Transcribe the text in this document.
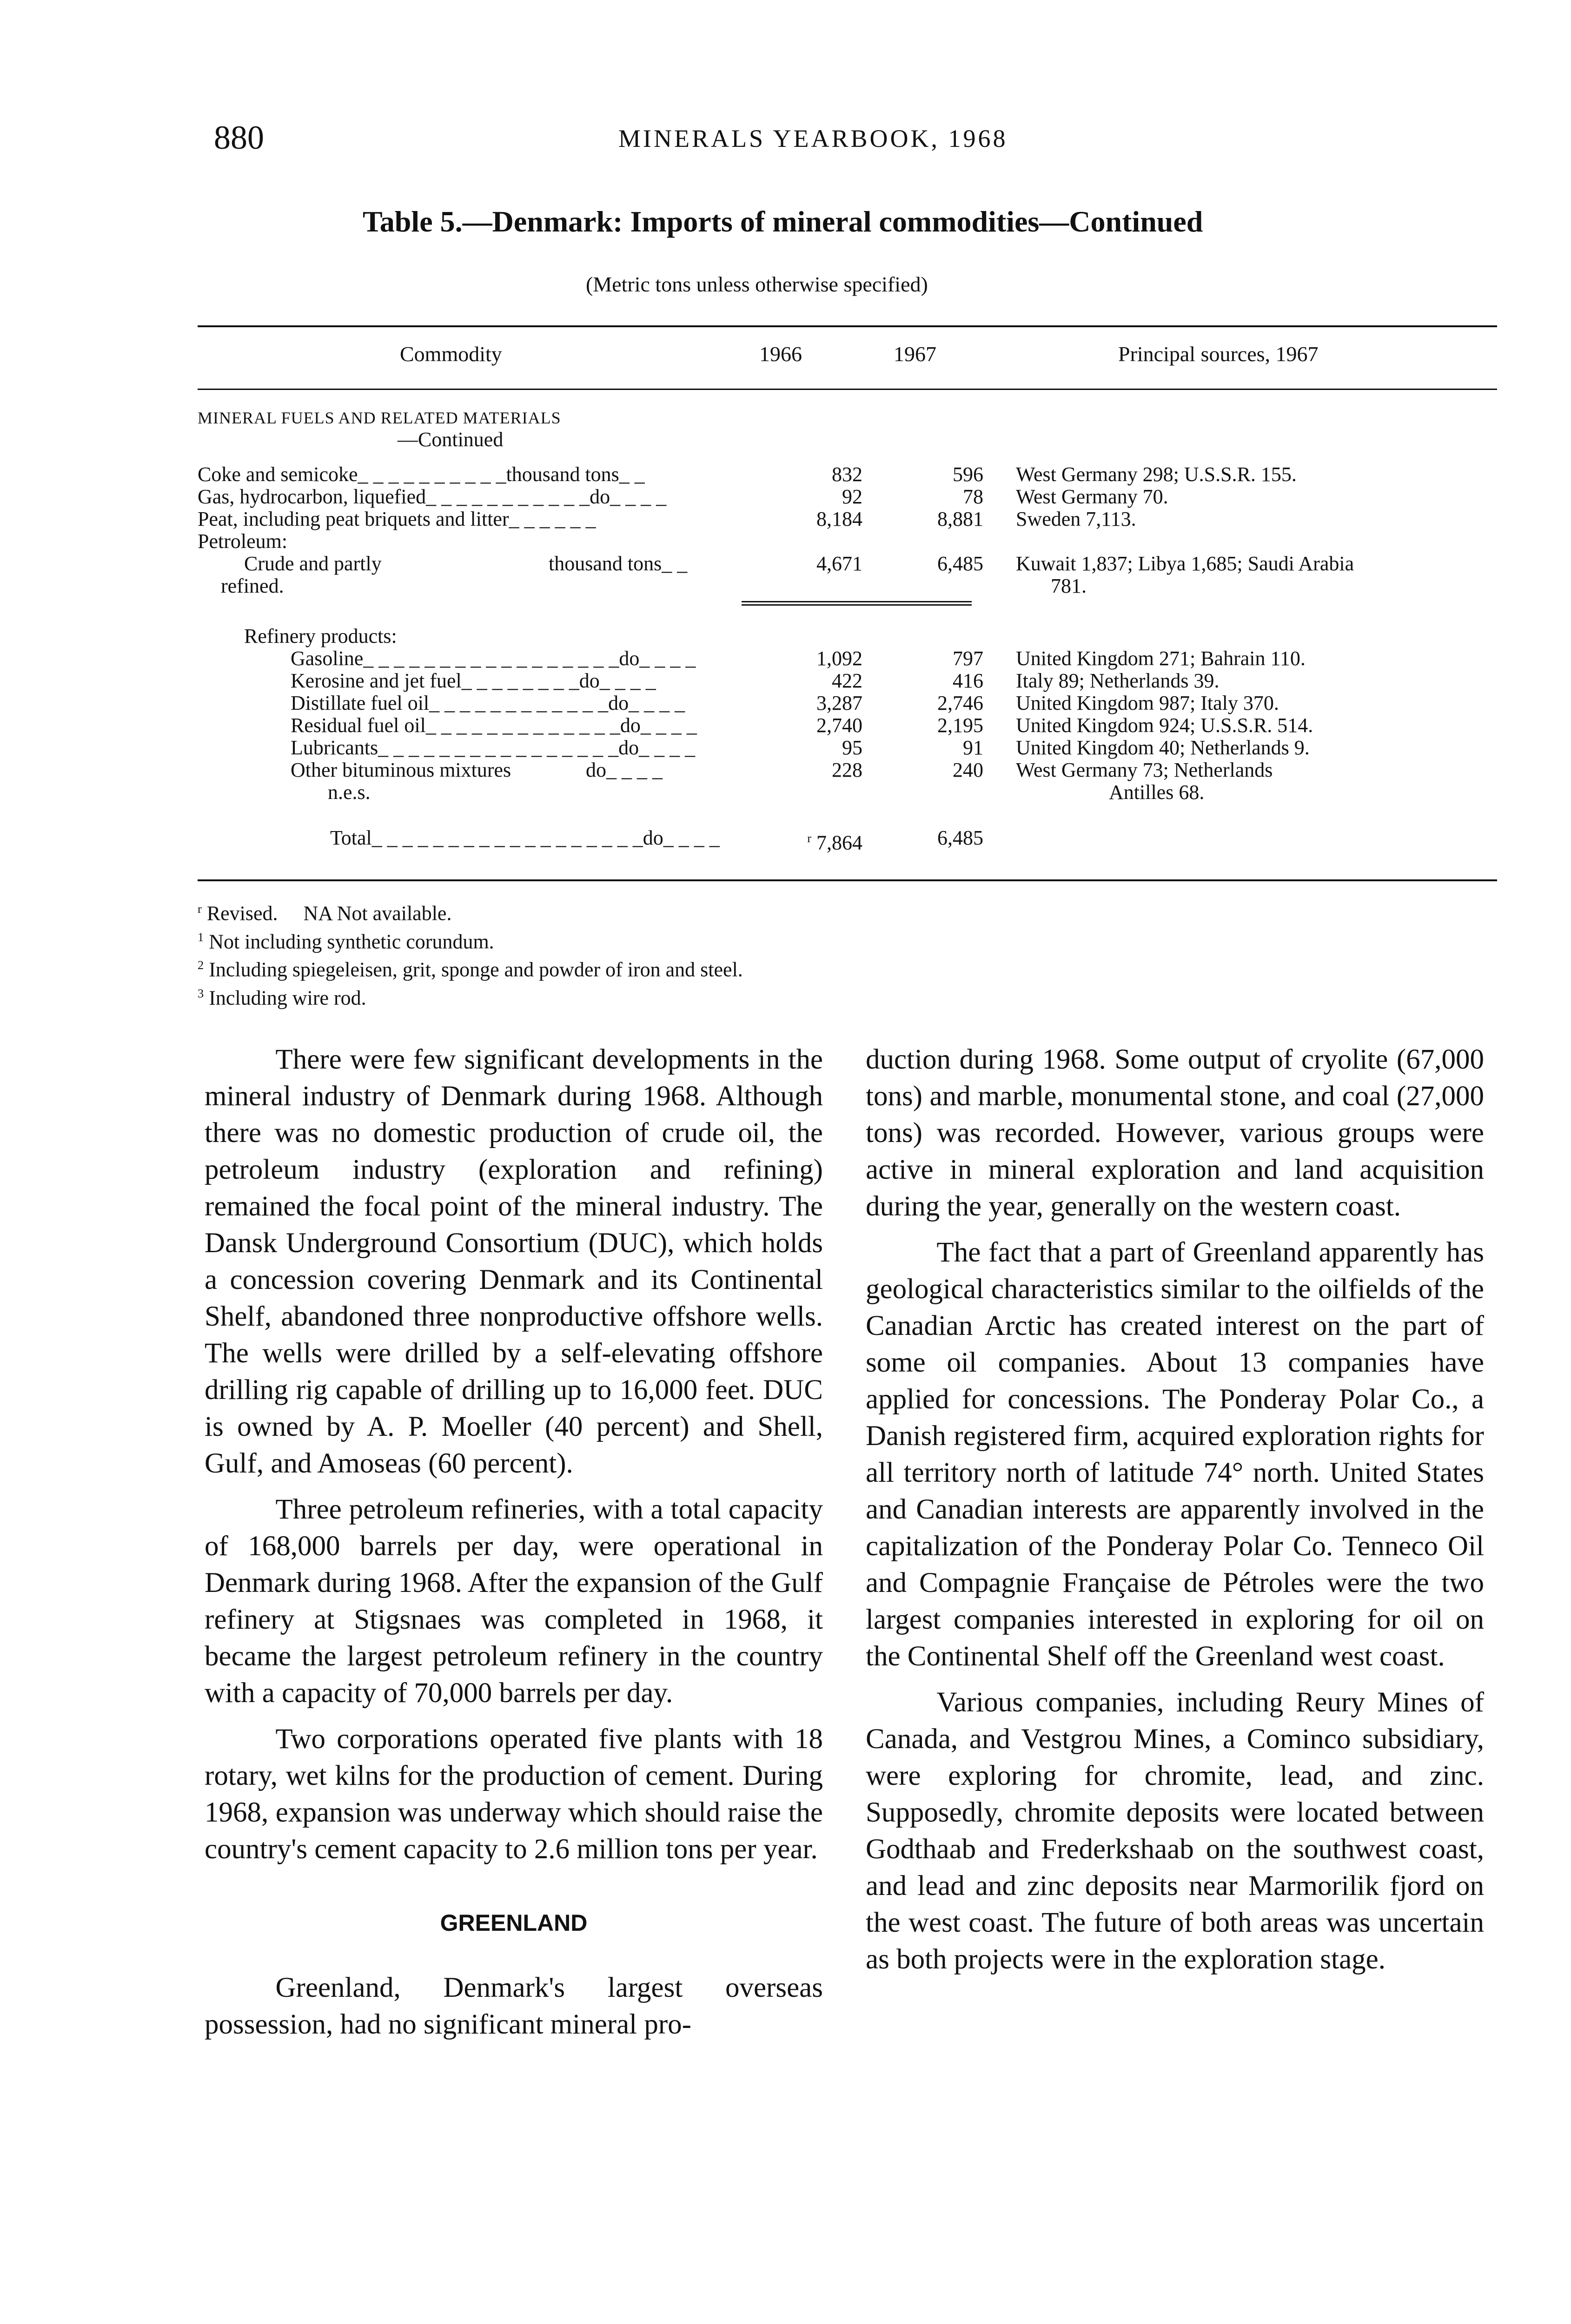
880	MINERALS YEARBOOK, 1968
Table 5.—Denmark: Imports of mineral commodities—Continued
(Metric tons unless otherwise specified)
Commodity	1966	1967	Principal sources, 1967
MINERAL FUELS AND RELATED MATERIALS
—Continued
Coke and semicoke_ _ _ _ _ _ _ _ _ _thousand tons_ _	832	596 West Germany 298; U.S.S.R. 155.
Gas, hydrocarbon, liquefied_ _ _ _ _ _ _ _ _ _ _do_ _ _ _	92	78 West Germany 70.
Peat, including peat briquets and litter_ _ _ _ _ _	8,184	8,881 Sweden 7,113.
Petroleum:
Crude and partly	thousand tons_ _	4,671	6,485 Kuwait 1,837; Libya 1,685; Saudi Arabia
refined.	781.
Refinery products:
Gasoline_ _ _ _ _ _ _ _ _ _ _ _ _ _ _ _ _do_ _ _ _	1,092	797 United Kingdom 271; Bahrain 110.
Kerosine and jet fuel_ _ _ _ _ _ _ _do_ _ _ _	422	416 Italy 89; Netherlands 39.
Distillate fuel oil_ _ _ _ _ _ _ _ _ _ _ _do_ _ _ _	3,287	2,746 United Kingdom 987; Italy 370.
Residual fuel oil_ _ _ _ _ _ _ _ _ _ _ _ _do_ _ _ _	2,740	2,195 United Kingdom 924; U.S.S.R. 514.
Lubricants_ _ _ _ _ _ _ _ _ _ _ _ _ _ _ _do_ _ _ _	95	91 United Kingdom 40; Netherlands 9.
Other bituminous mixtures	do_ _ _ _	228	240 West Germany 73; Netherlands
n.e.s.	Antilles 68.
Total_ _ _ _ _ _ _ _ _ _ _ _ _ _ _ _ _ _do_ _ _ _	$^r$ 7,864	6,485
$^r$ Revised.     NA Not available.
$^1$ Not including synthetic corundum.
$^2$ Including spiegeleisen, grit, sponge and powder of iron and steel.
$^3$ Including wire rod.

There were few significant developments in the mineral industry of Denmark during 1968. Although there was no domestic production of crude oil, the petroleum industry (exploration and refining) remained the focal point of the mineral industry. The Dansk Underground Consortium (DUC), which holds a concession covering Denmark and its Continental Shelf, abandoned three nonproductive offshore wells. The wells were drilled by a self-elevating offshore drilling rig capable of drilling up to 16,000 feet. DUC is owned by A. P. Moeller (40 percent) and Shell, Gulf, and Amoseas (60 percent).

Three petroleum refineries, with a total capacity of 168,000 barrels per day, were operational in Denmark during 1968. After the expansion of the Gulf refinery at Stigsnaes was completed in 1968, it became the largest petroleum refinery in the country with a capacity of 70,000 barrels per day.

Two corporations operated five plants with 18 rotary, wet kilns for the production of cement. During 1968, expansion was underway which should raise the country's cement capacity to 2.6 million tons per year.

GREENLAND

Greenland, Denmark's largest overseas possession, had no significant mineral pro-

duction during 1968. Some output of cryolite (67,000 tons) and marble, monumental stone, and coal (27,000 tons) was recorded. However, various groups were active in mineral exploration and land acquisition during the year, generally on the western coast.

The fact that a part of Greenland apparently has geological characteristics similar to the oilfields of the Canadian Arctic has created interest on the part of some oil companies. About 13 companies have applied for concessions. The Ponderay Polar Co., a Danish registered firm, acquired exploration rights for all territory north of latitude 74° north. United States and Canadian interests are apparently involved in the capitalization of the Ponderay Polar Co. Tenneco Oil and Compagnie Française de Pétroles were the two largest companies interested in exploring for oil on the Continental Shelf off the Greenland west coast.

Various companies, including Reury Mines of Canada, and Vestgrou Mines, a Cominco subsidiary, were exploring for chromite, lead, and zinc. Supposedly, chromite deposits were located between Godthaab and Frederkshaab on the southwest coast, and lead and zinc deposits near Marmorilik fjord on the west coast. The future of both areas was uncertain as both projects were in the exploration stage.
